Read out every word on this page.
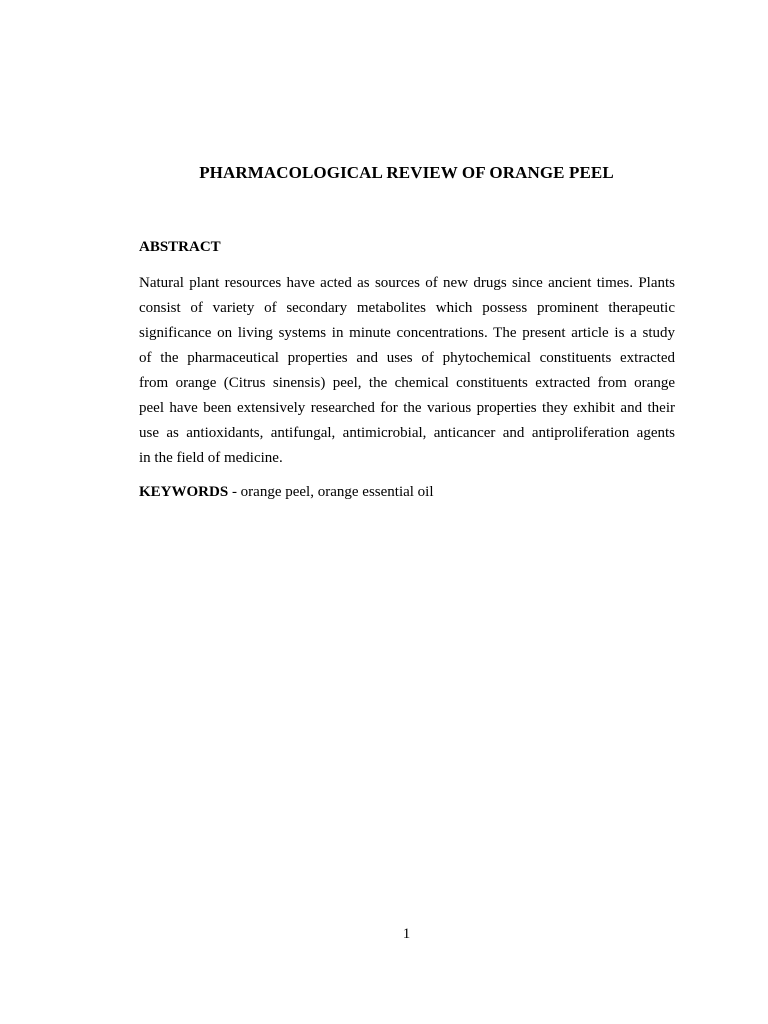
PHARMACOLOGICAL REVIEW OF ORANGE PEEL
ABSTRACT
Natural plant resources have acted as sources of new drugs since ancient times. Plants
consist of variety of secondary metabolites which possess prominent therapeutic
significance on living systems in minute concentrations. The present article is a study
of the pharmaceutical properties and uses of phytochemical constituents extracted
from orange (Citrus sinensis) peel, the chemical constituents extracted from orange
peel have been extensively researched for the various properties they exhibit and their
use as antioxidants, antifungal, antimicrobial, anticancer and antiproliferation agents
in the field of medicine.

KEYWORDS - orange peel, orange essential oil

1
